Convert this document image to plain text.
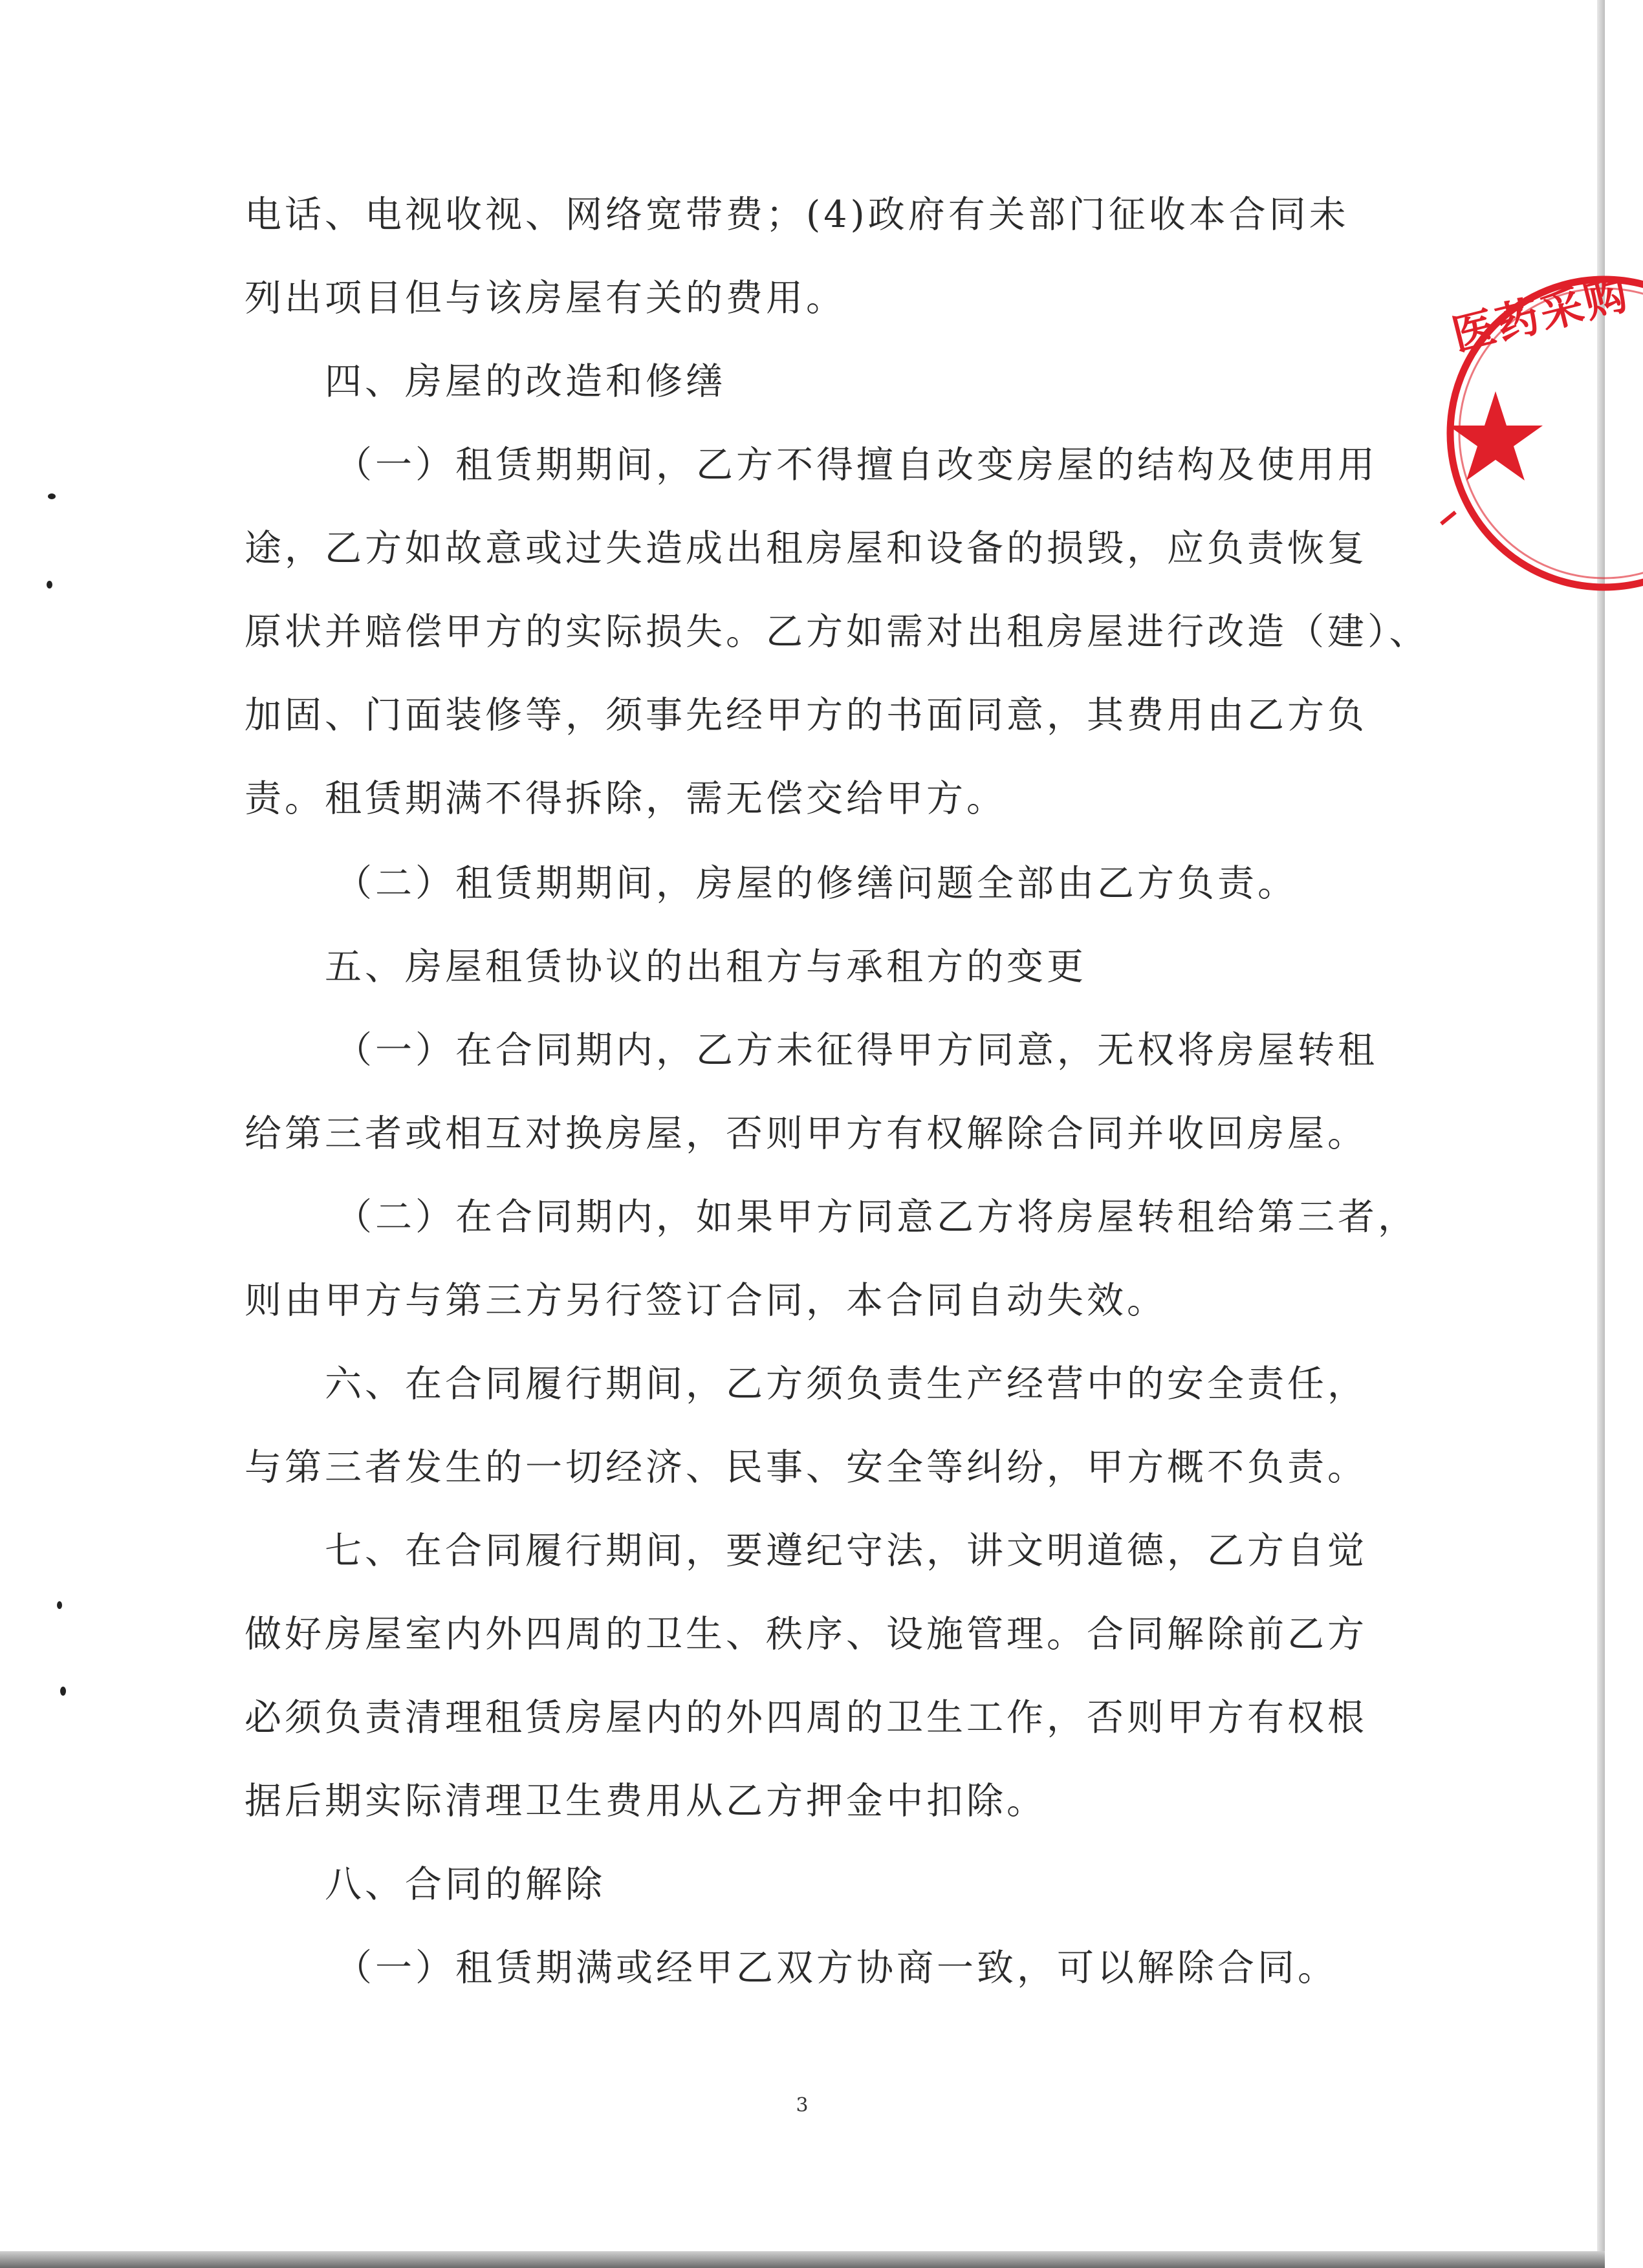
电话、电视收视、网络宽带费；(4)政府有关部门征收本合同未
列出项目但与该房屋有关的费用。
四、房屋的改造和修缮
（一）租赁期期间，乙方不得擅自改变房屋的结构及使用用
途，乙方如故意或过失造成出租房屋和设备的损毁，应负责恢复
原状并赔偿甲方的实际损失。乙方如需对出租房屋进行改造（建）、
加固、门面装修等，须事先经甲方的书面同意，其费用由乙方负
责。租赁期满不得拆除，需无偿交给甲方。
（二）租赁期期间，房屋的修缮问题全部由乙方负责。
五、房屋租赁协议的出租方与承租方的变更
（一）在合同期内，乙方未征得甲方同意，无权将房屋转租
给第三者或相互对换房屋，否则甲方有权解除合同并收回房屋。
（二）在合同期内，如果甲方同意乙方将房屋转租给第三者，
则由甲方与第三方另行签订合同，本合同自动失效。
六、在合同履行期间，乙方须负责生产经营中的安全责任，
与第三者发生的一切经济、民事、安全等纠纷，甲方概不负责。
七、在合同履行期间，要遵纪守法，讲文明道德，乙方自觉
做好房屋室内外四周的卫生、秩序、设施管理。合同解除前乙方
必须负责清理租赁房屋内的外四周的卫生工作，否则甲方有权根
据后期实际清理卫生费用从乙方押金中扣除。
八、合同的解除
（一）租赁期满或经甲乙双方协商一致，可以解除合同。
3
医药采购
